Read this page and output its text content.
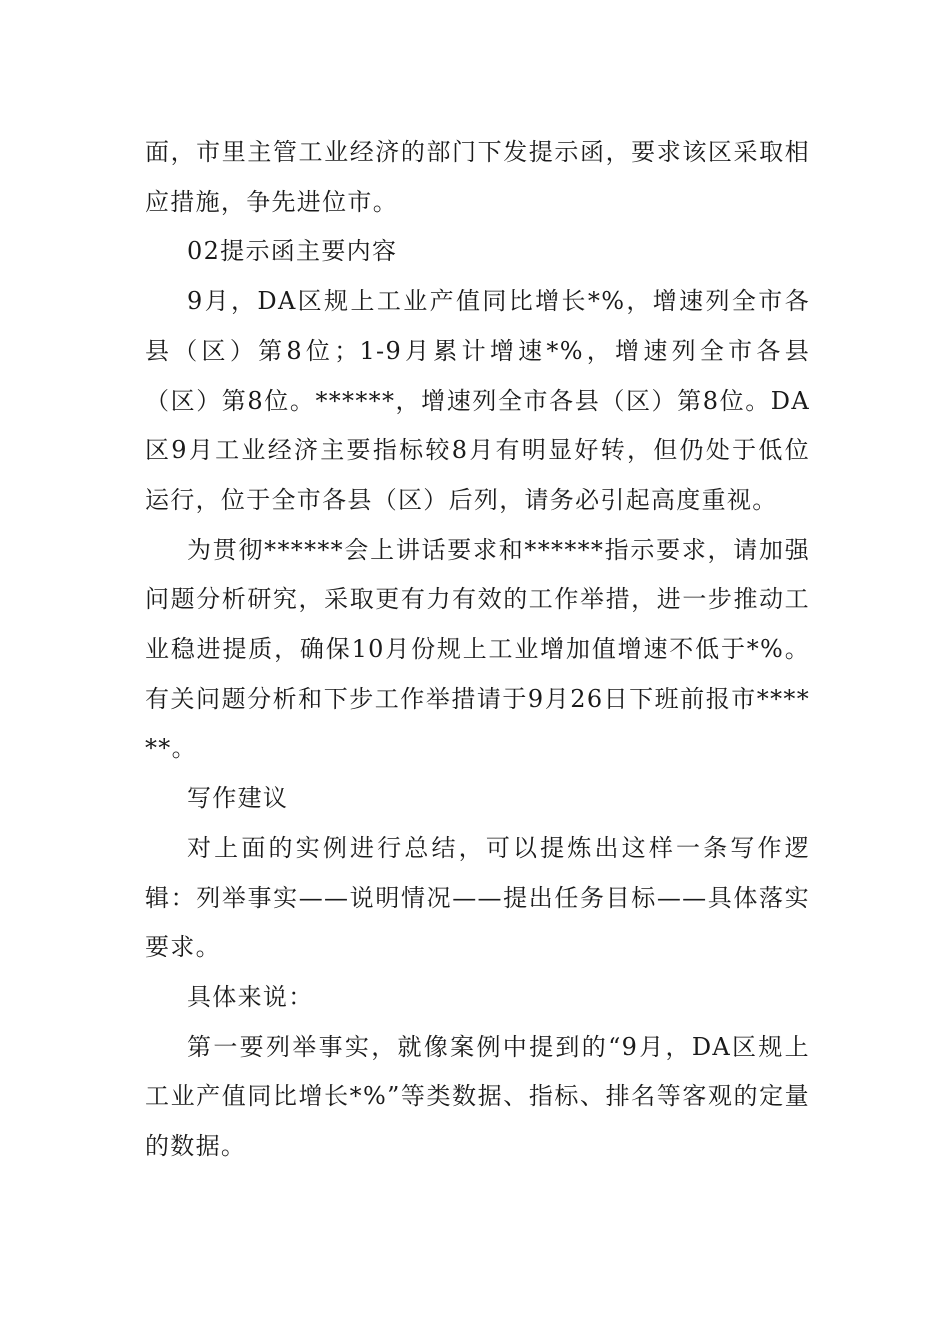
面，市里主管工业经济的部门下发提示函，要求该区采取相应措施，争先进位市。

02提示函主要内容

9月，DA区规上工业产值同比增长*%，增速列全市各县（区）第8位；1-9月累计增速*%，增速列全市各县（区）第8位。******，增速列全市各县（区）第8位。DA区9月工业经济主要指标较8月有明显好转，但仍处于低位运行，位于全市各县（区）后列，请务必引起高度重视。

为贯彻******会上讲话要求和******指示要求，请加强问题分析研究，采取更有力有效的工作举措，进一步推动工业稳进提质，确保10月份规上工业增加值增速不低于*%。有关问题分析和下步工作举措请于9月26日下班前报市******。

写作建议

对上面的实例进行总结，可以提炼出这样一条写作逻辑：列举事实——说明情况——提出任务目标——具体落实要求。

具体来说：

第一要列举事实，就像案例中提到的“9月，DA区规上工业产值同比增长*%”等类数据、指标、排名等客观的定量的数据。
